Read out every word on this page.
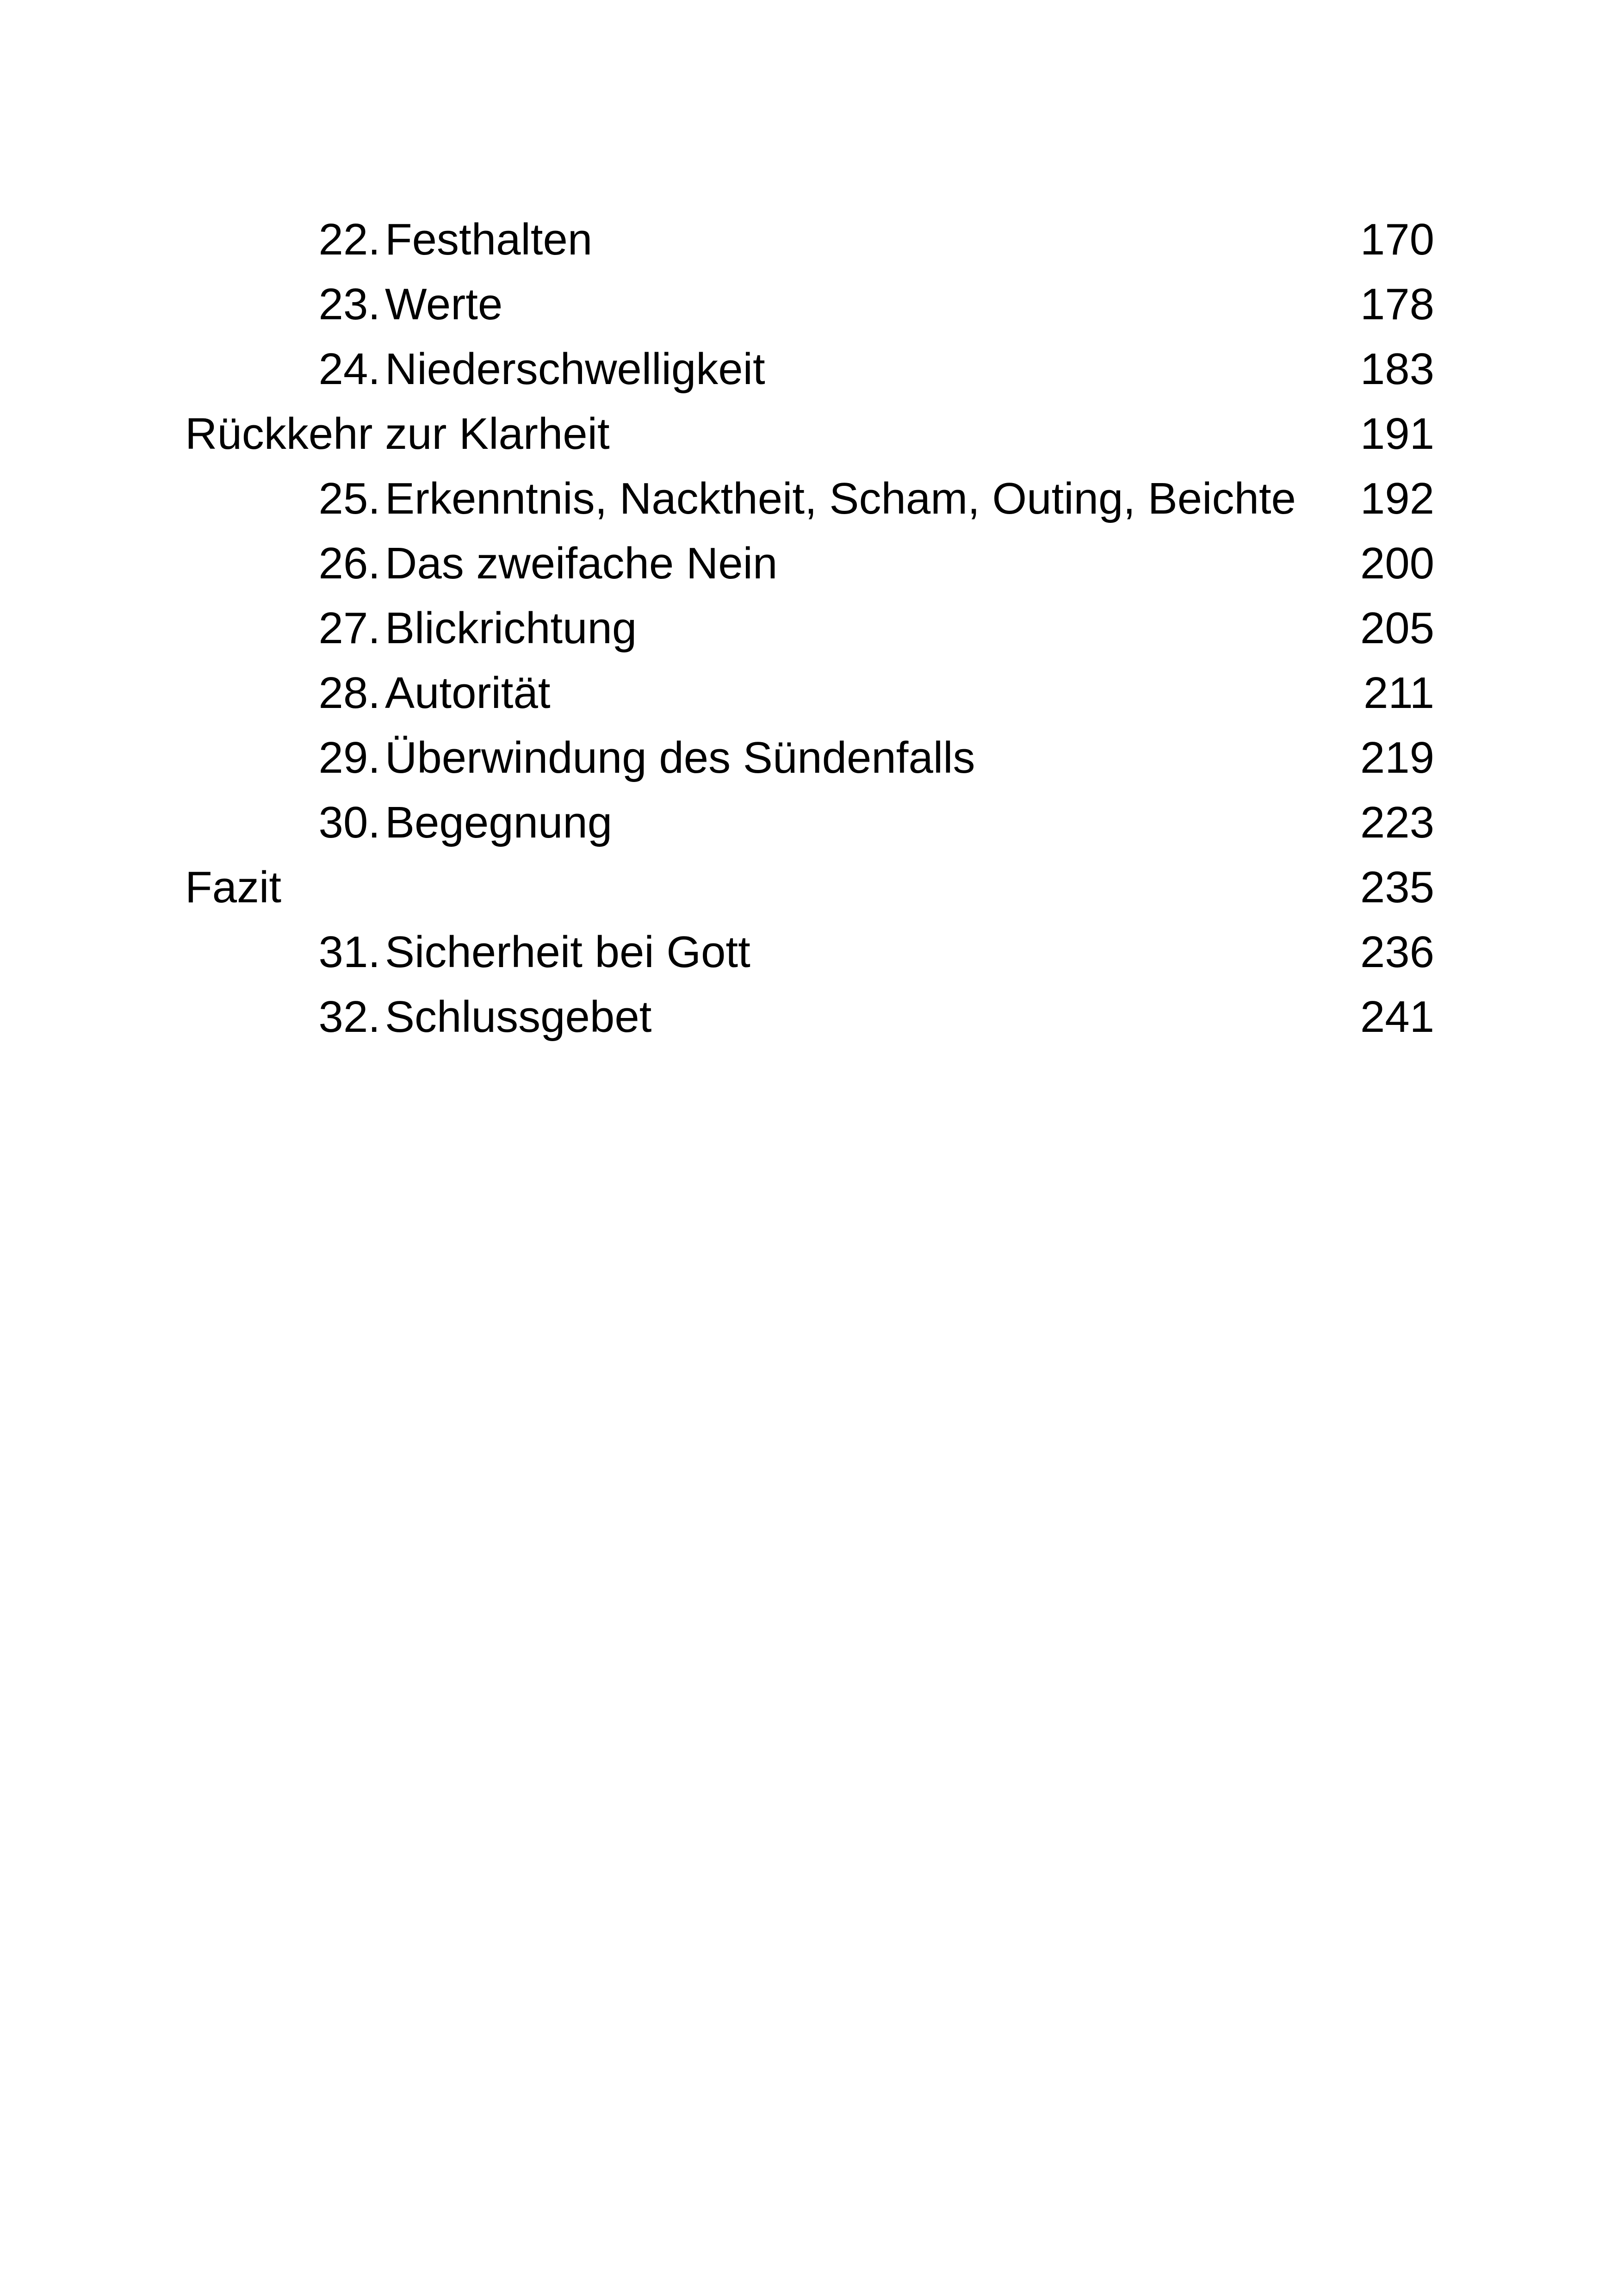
22. Festhalten	170
23. Werte	178
24. Niederschwelligkeit	183
Rückkehr zur Klarheit	191
25. Erkenntnis, Nacktheit, Scham, Outing, Beichte 192
26. Das zweifache Nein	200
27. Blickrichtung	205
28. Autorität	211
29. Überwindung des Sündenfalls	219
30. Begegnung	223
Fazit	235
31. Sicherheit bei Gott	236
32. Schlussgebet	241
